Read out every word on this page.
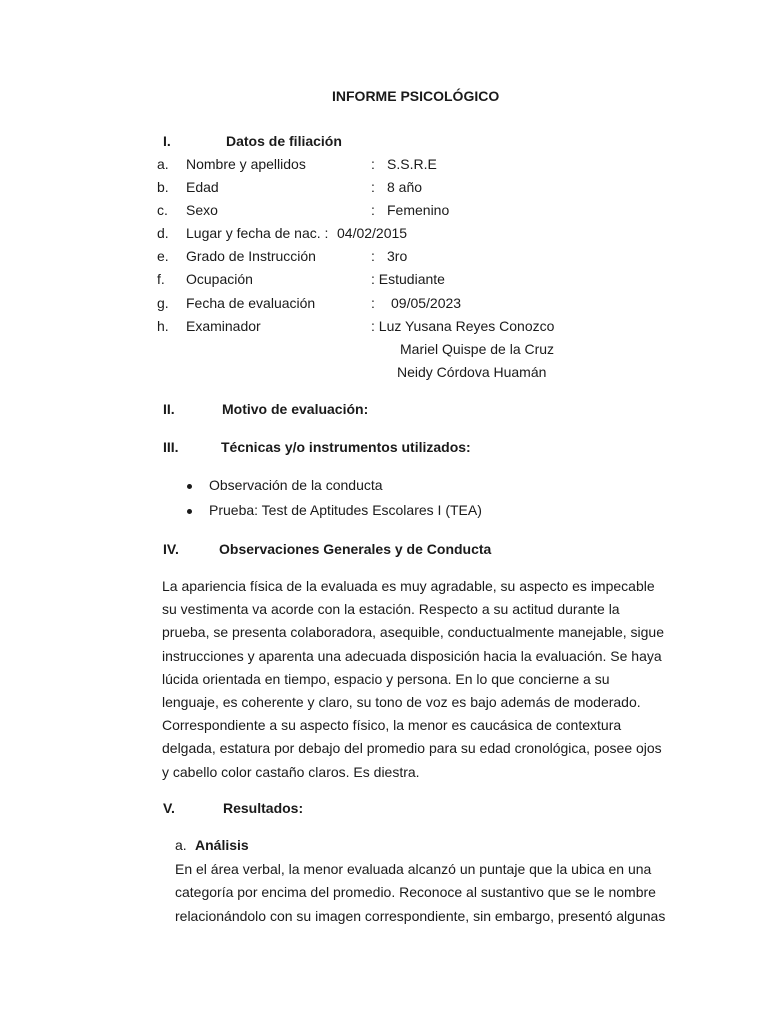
INFORME PSICOLÓGICO
I.	Datos de filiación
a. Nombre y apellidos	: S.S.R.E
b. Edad	: 8 año
c. Sexo	: Femenino
d. Lugar y fecha de nac. : 04/02/2015
e. Grado de Instrucción	: 3ro
f. Ocupación	: Estudiante
g. Fecha de evaluación	: 09/05/2023
h. Examinador	: Luz Yusana Reyes Conozco
Mariel Quispe de la Cruz
Neidy Córdova Huamán
II.	Motivo de evaluación:
III.	Técnicas y/o instrumentos utilizados:
Observación de la conducta
Prueba: Test de Aptitudes Escolares I (TEA)
IV.	Observaciones Generales y de Conducta
La apariencia física de la evaluada es muy agradable, su aspecto es impecable
su vestimenta va acorde con la estación. Respecto a su actitud durante la
prueba, se presenta colaboradora, asequible, conductualmente manejable, sigue
instrucciones y aparenta una adecuada disposición hacia la evaluación. Se haya
lúcida orientada en tiempo, espacio y persona. En lo que concierne a su
lenguaje, es coherente y claro, su tono de voz es bajo además de moderado.
Correspondiente a su aspecto físico, la menor es caucásica de contextura
delgada, estatura por debajo del promedio para su edad cronológica, posee ojos
y cabello color castaño claros. Es diestra.
V.	Resultados:
a. Análisis
En el área verbal, la menor evaluada alcanzó un puntaje que la ubica en una
categoría por encima del promedio. Reconoce al sustantivo que se le nombre
relacionándolo con su imagen correspondiente, sin embargo, presentó algunas
